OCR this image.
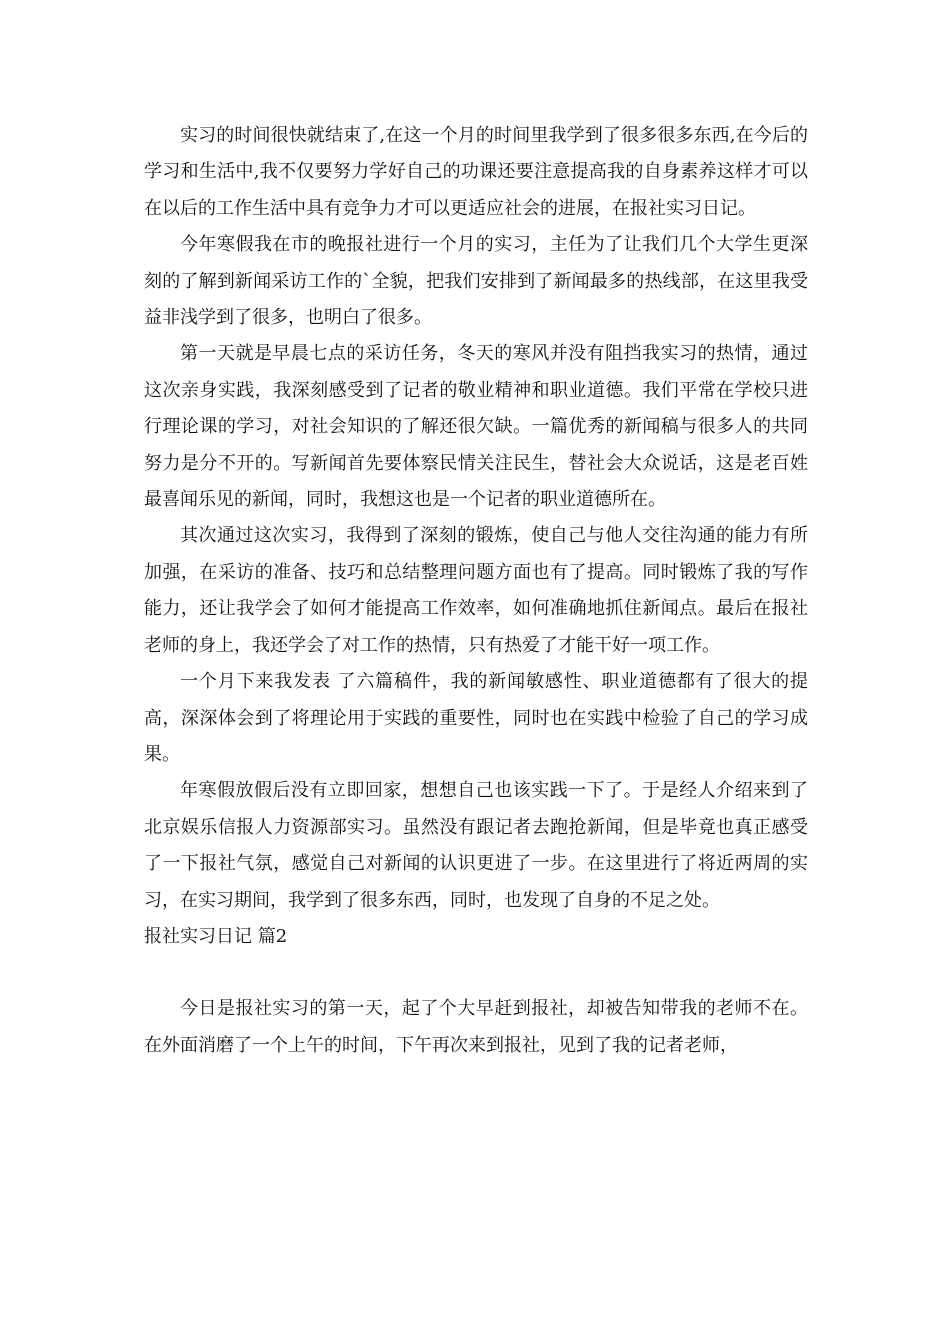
实习的时间很快就结束了,在这一个月的时间里我学到了很多很多东西,在今后的学习和生活中,我不仅要努力学好自己的功课还要注意提高我的自身素养这样才可以在以后的工作生活中具有竞争力才可以更适应社会的进展，在报社实习日记。

今年寒假我在市的晚报社进行一个月的实习，主任为了让我们几个大学生更深刻的了解到新闻采访工作的`全貌，把我们安排到了新闻最多的热线部，在这里我受益非浅学到了很多，也明白了很多。

第一天就是早晨七点的采访任务，冬天的寒风并没有阻挡我实习的热情，通过这次亲身实践，我深刻感受到了记者的敬业精神和职业道德。我们平常在学校只进行理论课的学习，对社会知识的了解还很欠缺。一篇优秀的新闻稿与很多人的共同努力是分不开的。写新闻首先要体察民情关注民生，替社会大众说话，这是老百姓最喜闻乐见的新闻，同时，我想这也是一个记者的职业道德所在。

其次通过这次实习，我得到了深刻的锻炼，使自己与他人交往沟通的能力有所加强，在采访的准备、技巧和总结整理问题方面也有了提高。同时锻炼了我的写作能力，还让我学会了如何才能提高工作效率，如何准确地抓住新闻点。最后在报社老师的身上，我还学会了对工作的热情，只有热爱了才能干好一项工作。

一个月下来我发表 了六篇稿件，我的新闻敏感性、职业道德都有了很大的提高，深深体会到了将理论用于实践的重要性，同时也在实践中检验了自己的学习成果。

年寒假放假后没有立即回家，想想自己也该实践一下了。于是经人介绍来到了北京娱乐信报人力资源部实习。虽然没有跟记者去跑抢新闻，但是毕竟也真正感受了一下报社气氛，感觉自己对新闻的认识更进了一步。在这里进行了将近两周的实习，在实习期间，我学到了很多东西，同时，也发现了自身的不足之处。

报社实习日记 篇2

今日是报社实习的第一天，起了个大早赶到报社，却被告知带我的老师不在。在外面消磨了一个上午的时间，下午再次来到报社，见到了我的记者老师，
